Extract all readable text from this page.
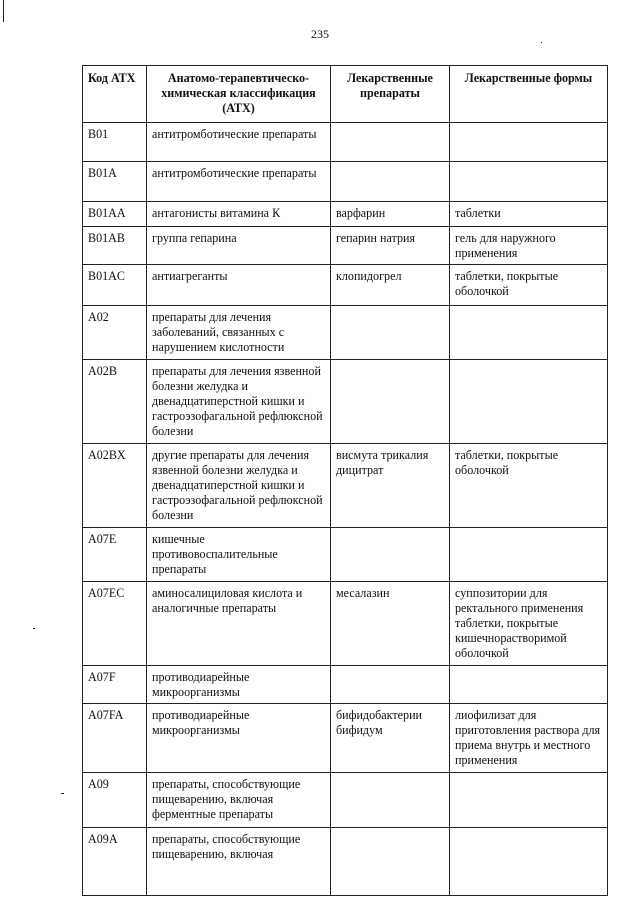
235
Код АТХ	Анатомо-терапевтическо-химическая классификация (АТХ)	Лекарственные препараты	Лекарственные формы
B01	антитромботические препараты		
B01A	антитромботические препараты		
B01AA	антагонисты витамина К	варфарин	таблетки
B01AB	группа гепарина	гепарин натрия	гель для наружного применения
B01AC	антиагреганты	клопидогрел	таблетки, покрытые оболочкой
A02	препараты для лечения заболеваний, связанных с нарушением кислотности		
A02B	препараты для лечения язвенной болезни желудка и двенадцатиперстной кишки и гастроэзофагальной рефлюксной болезни		
A02BX	другие препараты для лечения язвенной болезни желудка и двенадцатиперстной кишки и гастроэзофагальной рефлюксной болезни	висмута трикалия дицитрат	таблетки, покрытые оболочкой
A07E	кишечные противовоспалительные препараты		
A07EC	аминосалициловая кислота и аналогичные препараты	месалазин	суппозитории для ректального применения таблетки, покрытые кишечнорастворимой оболочкой
A07F	противодиарейные микроорганизмы		
A07FA	противодиарейные микроорганизмы	бифидобактерии бифидум	лиофилизат для приготовления раствора для приема внутрь и местного применения
A09	препараты, способствующие пищеварению, включая ферментные препараты		
A09A	препараты, способствующие пищеварению, включая		
